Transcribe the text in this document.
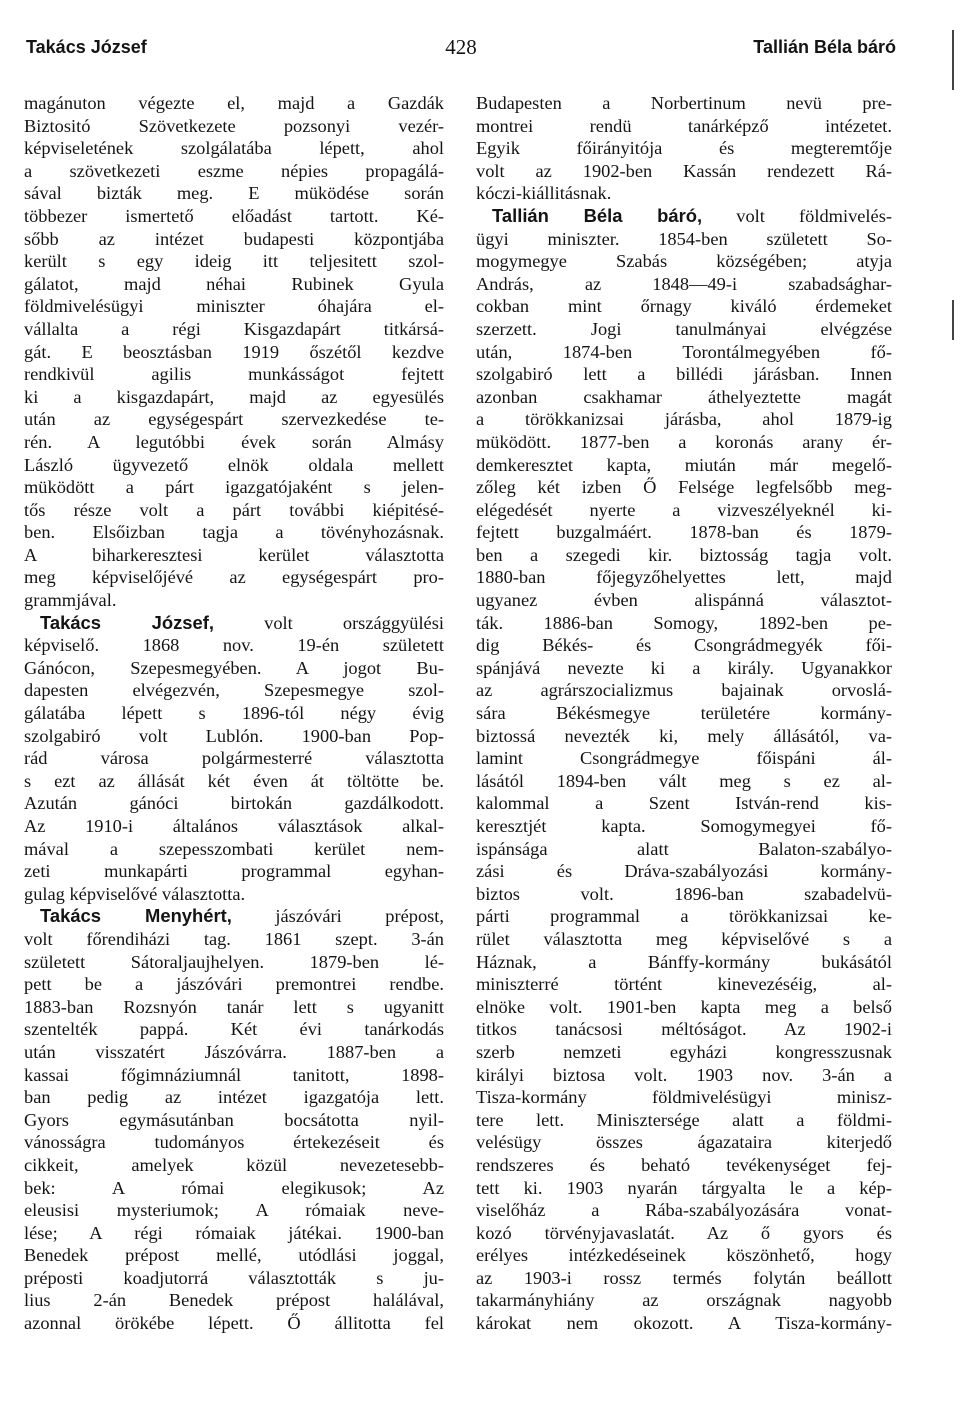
Takács József	428	Tallián Béla báró
magánuton végezte el, majd a Gazdák
Biztositó Szövetkezete pozsonyi vezér-
képviseletének szolgálatába lépett, ahol
a szövetkezeti eszme népies propagálá-
sával bizták meg. E müködése során
többezer ismertető előadást tartott. Ké-
sőbb az intézet budapesti központjába
került s egy ideig itt teljesitett szol-
gálatot, majd néhai Rubinek Gyula
földmivelésügyi miniszter óhajára el-
vállalta a régi Kisgazdapárt titkársá-
gát. E beosztásban 1919 őszétől kezdve
rendkivül agilis munkásságot fejtett
ki a kisgazdapárt, majd az egyesülés
után az egységespárt szervezkedése te-
rén. A legutóbbi évek során Almásy
László ügyvezető elnök oldala mellett
müködött a párt igazgatójaként s jelen-
tős része volt a párt további kiépitésé-
ben. Elsőizban tagja a tövényhozásnak.
A biharkeresztesi kerület választotta
meg képviselőjévé az egységespárt pro-
grammjával.
Takács József, volt országgyülési
képviselő. 1868 nov. 19-én született
Gánócon, Szepesmegyében. A jogot Bu-
dapesten elvégezvén, Szepesmegye szol-
gálatába lépett s 1896-tól négy évig
szolgabiró volt Lublón. 1900-ban Pop-
rád városa polgármesterré választotta
s ezt az állását két éven át töltötte be.
Azután gánóci birtokán gazdálkodott.
Az 1910-i általános választások alkal-
mával a szepesszombati kerület nem-
zeti munkapárti programmal egyhan-
gulag képviselővé választotta.
Takács Menyhért, jászóvári prépost,
volt főrendiházi tag. 1861 szept. 3-án
született Sátoraljaujhelyen. 1879-ben lé-
pett be a jászóvári premontrei rendbe.
1883-ban Rozsnyón tanár lett s ugyanitt
szentelték pappá. Két évi tanárkodás
után visszatért Jászóvárra. 1887-ben a
kassai főgimnáziumnál tanitott, 1898-
ban pedig az intézet igazgatója lett.
Gyors egymásutánban bocsátotta nyil-
vánosságra tudományos értekezéseit és
cikkeit, amelyek közül nevezetesebb-
bek: A római elegikusok; Az
eleusisi mysteriumok; A rómaiak neve-
lése; A régi rómaiak játékai. 1900-ban
Benedek prépost mellé, utódlási joggal,
préposti koadjutorrá választották s ju-
lius 2-án Benedek prépost halálával,
azonnal örökébe lépett. Ő állitotta fel
Budapesten a Norbertinum nevü pre-
montrei rendü tanárképző intézetet.
Egyik főirányitója és megteremtője
volt az 1902-ben Kassán rendezett Rá-
kóczi-kiállitásnak.
Tallián Béla báró, volt földmivelés-
ügyi miniszter. 1854-ben született So-
mogymegye Szabás községében; atyja
András, az 1848—49-i szabadsághar-
cokban mint őrnagy kiváló érdemeket
szerzett. Jogi tanulmányai elvégzése
után, 1874-ben Torontálmegyében fő-
szolgabiró lett a billédi járásban. Innen
azonban csakhamar áthelyeztette magát
a törökkanizsai járásba, ahol 1879-ig
müködött. 1877-ben a koronás arany ér-
demkeresztet kapta, miután már megelő-
zőleg két izben Ő Felsége legfelsőbb meg-
elégedését nyerte a vizveszélyeknél ki-
fejtett buzgalmáért. 1878-ban és 1879-
ben a szegedi kir. biztosság tagja volt.
1880-ban főjegyzőhelyettes lett, majd
ugyanez évben alispánná választot-
ták. 1886-ban Somogy, 1892-ben pe-
dig Békés- és Csongrádmegyék fői-
spánjává nevezte ki a király. Ugyanakkor
az agrárszocializmus bajainak orvoslá-
sára Békésmegye területére kormány-
biztossá nevezték ki, mely állásától, va-
lamint Csongrádmegye főispáni ál-
lásától 1894-ben vált meg s ez al-
kalommal a Szent István-rend kis-
keresztjét kapta. Somogymegyei fő-
ispánsága alatt Balaton-szabályo-
zási és Dráva-szabályozási kormány-
biztos volt. 1896-ban szabadelvü-
párti programmal a törökkanizsai ke-
rület választotta meg képviselővé s a
Háznak, a Bánffy-kormány bukásától
miniszterré történt kinevezéséig, al-
elnöke volt. 1901-ben kapta meg a belső
titkos tanácsosi méltóságot. Az 1902-i
szerb nemzeti egyházi kongresszusnak
királyi biztosa volt. 1903 nov. 3-án a
Tisza-kormány földmivelésügyi minisz-
tere lett. Minisztersége alatt a földmi-
velésügy összes ágazataira kiterjedő
rendszeres és beható tevékenységet fej-
tett ki. 1903 nyarán tárgyalta le a kép-
viselőház a Rába-szabályozására vonat-
kozó törvényjavaslatát. Az ő gyors és
erélyes intézkedéseinek köszönhető, hogy
az 1903-i rossz termés folytán beállott
takarmányhiány az országnak nagyobb
károkat nem okozott. A Tisza-kormány-
